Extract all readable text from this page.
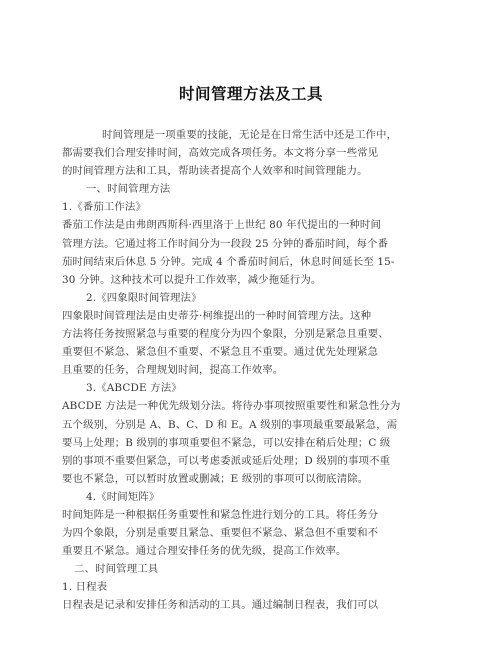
时间管理方法及工具
时间管理是一项重要的技能，无论是在日常生活中还是工作中，
都需要我们合理安排时间，高效完成各项任务。本文将分享一些常见
的时间管理方法和工具，帮助读者提高个人效率和时间管理能力。
一、时间管理方法
1.《番茄工作法》
番茄工作法是由弗朗西斯科·西里洛于上世纪 80 年代提出的一种时间
管理方法。它通过将工作时间分为一段段 25 分钟的番茄时间，每个番
茄时间结束后休息 5 分钟。完成 4 个番茄时间后，休息时间延长至 15-
30 分钟。这种技术可以提升工作效率，减少拖延行为。
2.《四象限时间管理法》
四象限时间管理法是由史蒂芬·柯维提出的一种时间管理方法。这种
方法将任务按照紧急与重要的程度分为四个象限，分别是紧急且重要、
重要但不紧急、紧急但不重要、不紧急且不重要。通过优先处理紧急
且重要的任务，合理规划时间，提高工作效率。
3.《ABCDE 方法》
ABCDE 方法是一种优先级划分法。将待办事项按照重要性和紧急性分为
五个级别，分别是 A、B、C、D 和 E。A 级别的事项最重要最紧急，需
要马上处理；B 级别的事项重要但不紧急，可以安排在稍后处理；C 级
别的事项不重要但紧急，可以考虑委派或延后处理；D 级别的事项不重
要也不紧急，可以暂时放置或删减；E 级别的事项可以彻底清除。
4.《时间矩阵》
时间矩阵是一种根据任务重要性和紧急性进行划分的工具。将任务分
为四个象限，分别是重要且紧急、重要但不紧急、紧急但不重要和不
重要且不紧急。通过合理安排任务的优先级，提高工作效率。
二、时间管理工具
1. 日程表
日程表是记录和安排任务和活动的工具。通过编制日程表，我们可以
